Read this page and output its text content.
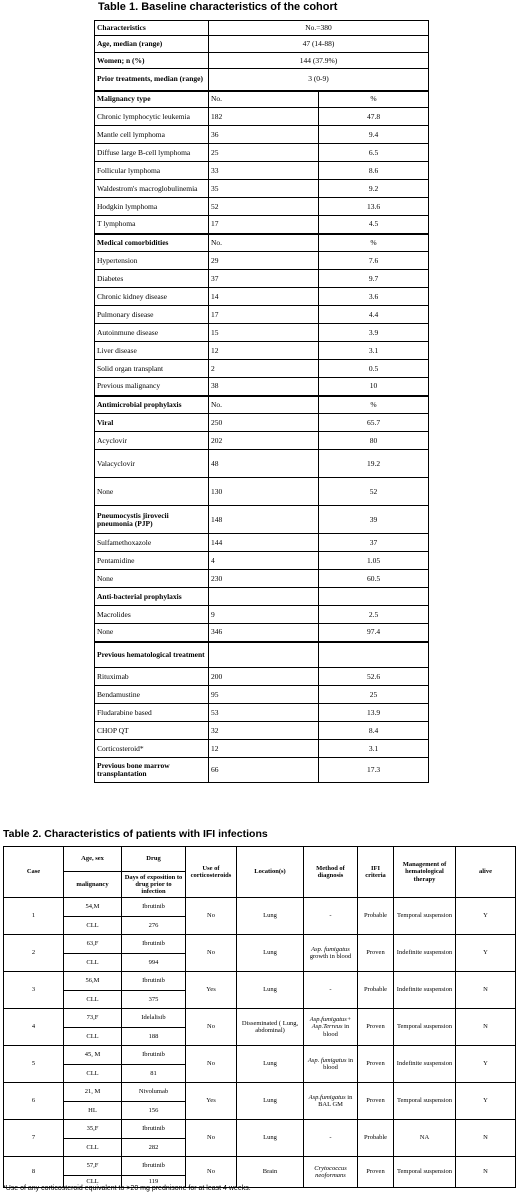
Table 1. Baseline characteristics of the cohort
Characteristics	No.=380	
Age, median (range)	47 (14-88)	
Women; n (%)	144 (37.9%)	
Prior treatments, median (range)	3 (0-9)	
Malignancy type	No.	%
Chronic lymphocytic leukemia	182	47.8
Mantle cell lymphoma	36	9.4
Diffuse large B-cell lymphoma	25	6.5
Follicular lymphoma	33	8.6
Waldestrom's macroglobulinemia	35	9.2
Hodgkin lymphoma	52	13.6
T lymphoma	17	4.5
Medical comorbidities	No.	%
Hypertension	29	7.6
Diabetes	37	9.7
Chronic kidney disease	14	3.6
Pulmonary disease	17	4.4
Autoinmune disease	15	3.9
Liver disease	12	3.1
Solid organ transplant	2	0.5
Previous malignancy	38	10
Antimicrobial prophylaxis	No.	%
Viral	250	65.7
Acyclovir	202	80
Valacyclovir	48	19.2
None	130	52
Pneumocystis jirovecii pneumonia (PJP)	148	39
Sulfamethoxazole	144	37
Pentamidine	4	1.05
None	230	60.5
Anti-bacterial prophylaxis		
Macrolides	9	2.5
None	346	97.4
Previous hematological treatment		
Rituximab	200	52.6
Bendamustine	95	25
Fludarabine based	53	13.9
CHOP QT	32	8.4
Corticosteroid*	12	3.1
Previous bone marrow transplantation	66	17.3
Table 2. Characteristics of patients with IFI infections
Case	Age, sex	Drug	Use of corticosteroids	Location(s)	Method of diagnosis	IFI criteria	Management of hematological therapy	alive
	malignancy	Days of exposition to drug prior to infection						
1	54,M	Ibrutinib	No	Lung	-	Probable	Temporal suspension	Y
	CLL	276						
2	63,F	Ibrutinib	No	Lung	Asp. fumigatus growth in blood	Proven	Indefinite suspension	Y
	CLL	994						
3	56,M	Ibrutinib	Yes	Lung	-	Probable	Indefinite suspension	N
	CLL	375						
4	73,F	Idelalisib	No	Disseminated ( Lung, abdominal)	Asp.fumigatus+ Asp.Terreus in blood	Proven	Temporal suspension	N
	CLL	188						
5	45, M	Ibrutinib	No	Lung	Asp. fumigatus in blood	Proven	Indefinite suspension	Y
	CLL	81						
6	21, M	Nivolumab	Yes	Lung	Asp.fumigatus in BAL GM	Proven	Temporal suspension	Y
	HL	156						
7	35,F	Ibrutinib	No	Lung	-	Probable	NA	N
	CLL	282						
8	57,F	Ibrutinib	No	Brain	Crytococcus neoformans	Proven	Temporal suspension	N
	CLL	119						
*Use of any corticosteroid equivalent to >20 mg prednisone for at least 4 weeks.
